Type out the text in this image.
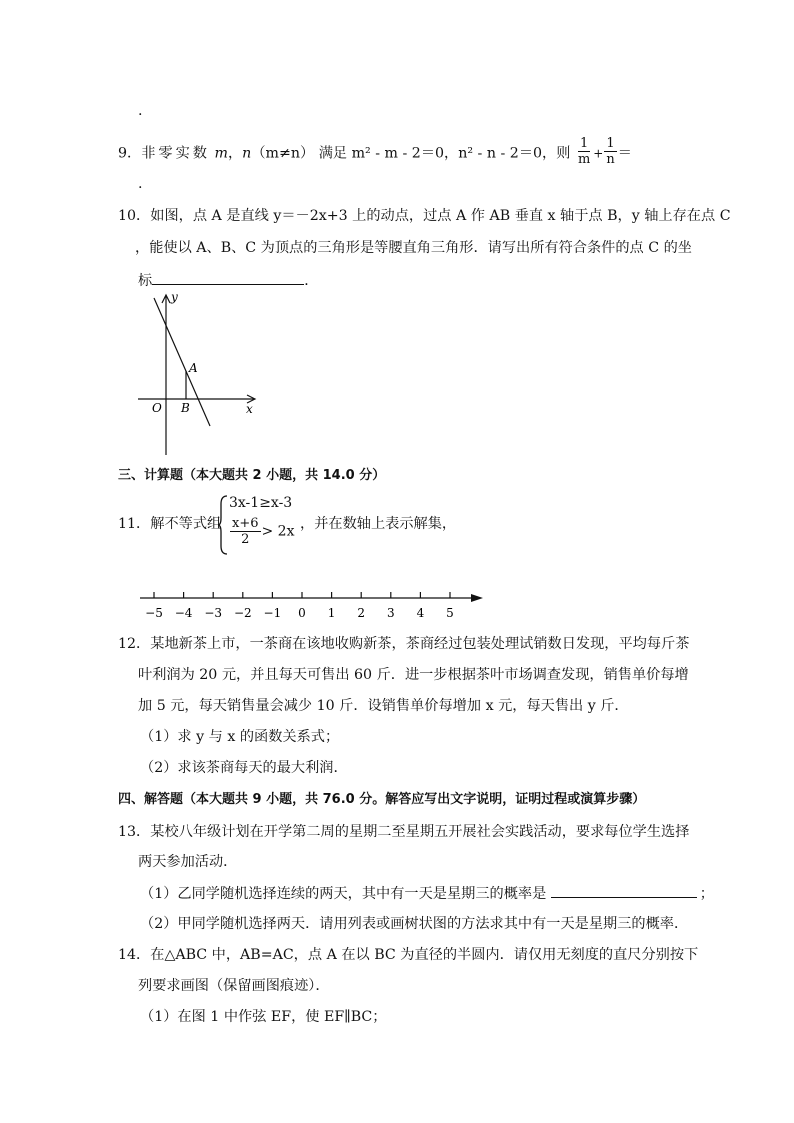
.
9．非零实数 m，n（m≠n） 满足 m² - m - 2＝0，n² - n - 2＝0，则 $\frac{1}{m} + \frac{1}{n}$ ＝
.
10．如图，点 A 是直线 y＝－2x+3 上的动点，过点 A 作 AB 垂直 x 轴于点 B，y 轴上存在点 C
，能使以 A、B、C 为顶点的三角形是等腰直角三角形．请写出所有符合条件的点 C 的坐
标	．
y
x
O
A
B
三、计算题（本大题共 2 小题，共 14.0 分）
11．解不等式组
3x-1≥x-3
$\frac{x+6}{2} > 2x$ ，并在数轴上表示解集，
−5 −4 −3 −2 −1 0 1 2 3 4 5
12．某地新茶上市，一茶商在该地收购新茶，茶商经过包装处理试销数日发现，平均每斤茶
叶利润为 20 元，并且每天可售出 60 斤．进一步根据茶叶市场调查发现，销售单价每增
加 5 元，每天销售量会减少 10 斤．设销售单价每增加 x 元，每天售出 y 斤．
（1）求 y 与 x 的函数关系式；
（2）求该茶商每天的最大利润．
四、解答题（本大题共 9 小题，共 76.0 分。解答应写出文字说明，证明过程或演算步骤）
13．某校八年级计划在开学第二周的星期二至星期五开展社会实践活动，要求每位学生选择
两天参加活动．
（1）乙同学随机选择连续的两天，其中有一天是星期三的概率是	；
（2）甲同学随机选择两天．请用列表或画树状图的方法求其中有一天是星期三的概率．
14．在△ABC 中，AB=AC，点 A 在以 BC 为直径的半圆内．请仅用无刻度的直尺分别按下
列要求画图（保留画图痕迹）．
（1）在图 1 中作弦 EF，使 EF∥BC；
